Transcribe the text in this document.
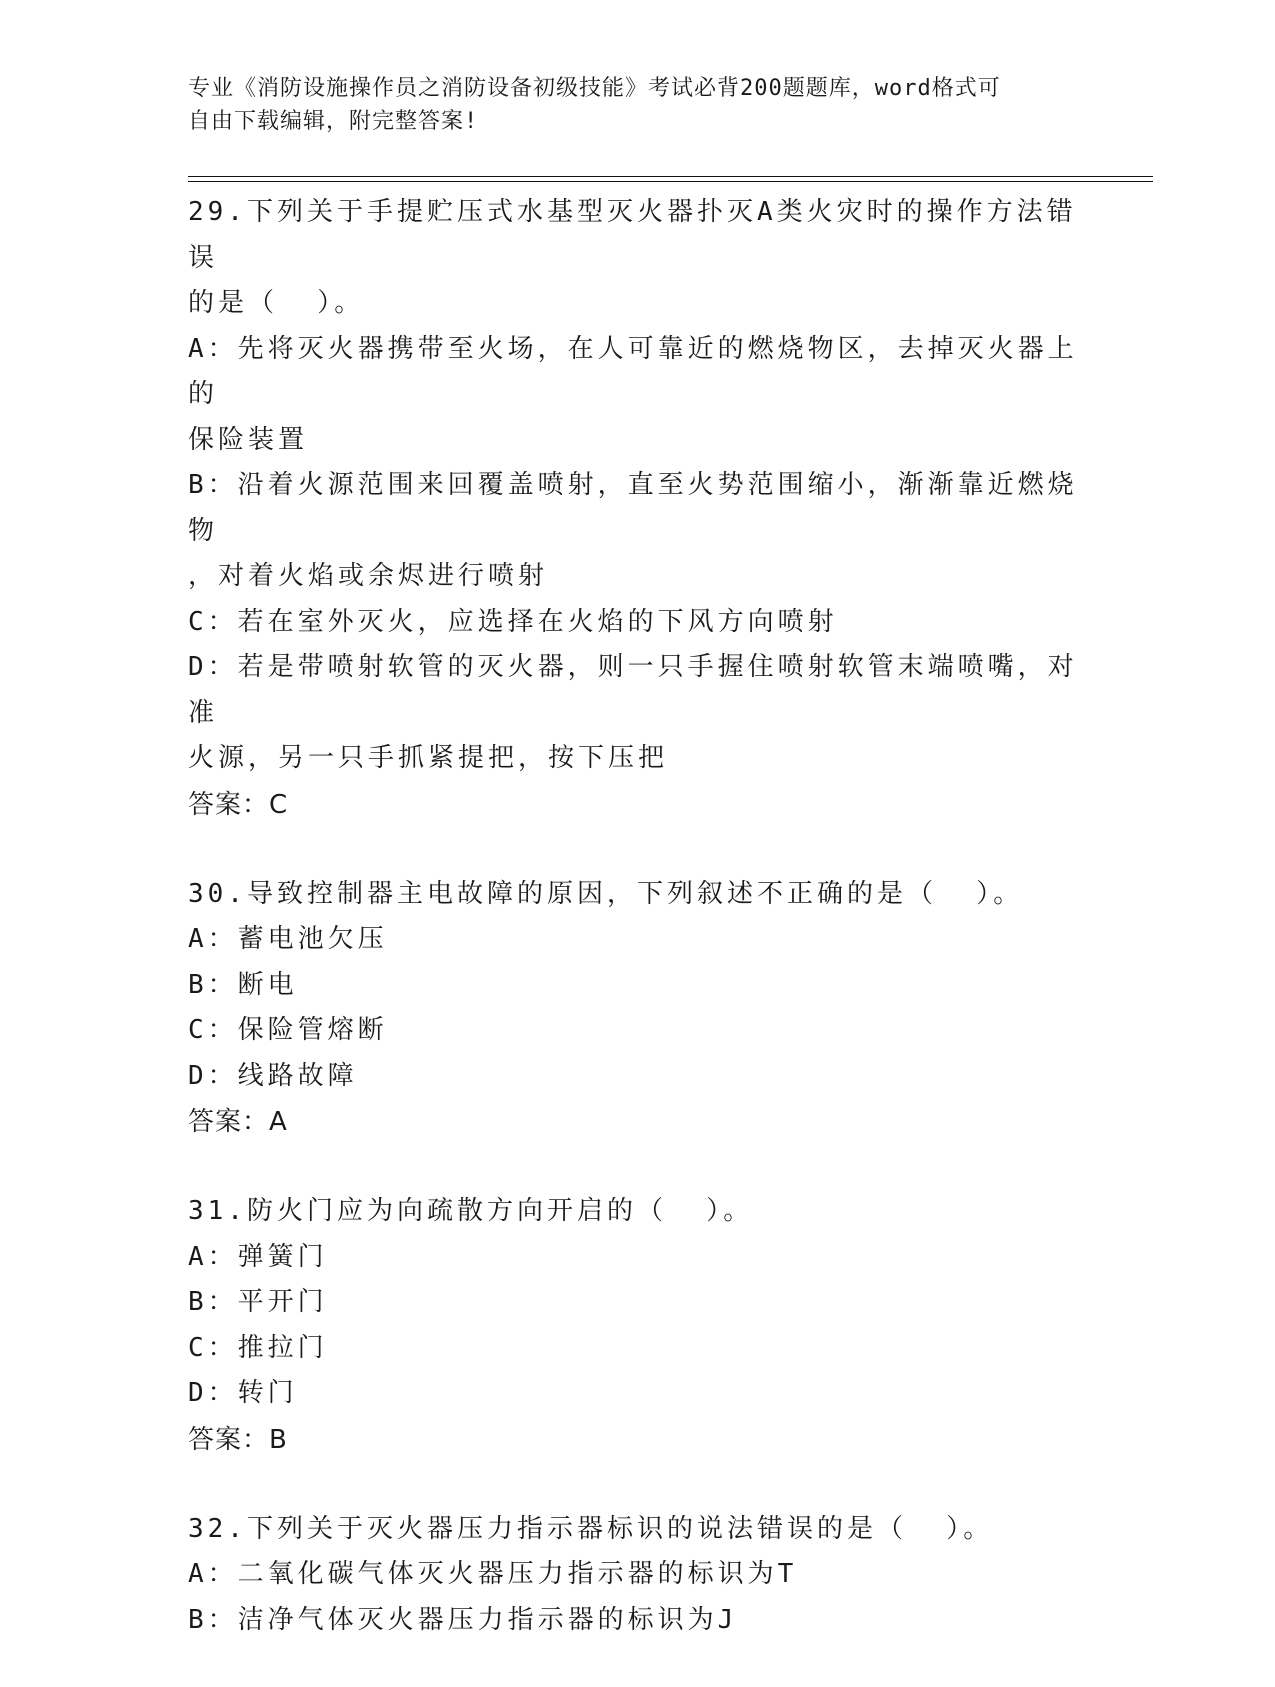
专业《消防设施操作员之消防设备初级技能》考试必背200题题库，word格式可
自由下载编辑，附完整答案!
29.下列关于手提贮压式水基型灭火器扑灭A类火灾时的操作方法错误
的是（  ）。
A：先将灭火器携带至火场，在人可靠近的燃烧物区，去掉灭火器上的
保险装置
B：沿着火源范围来回覆盖喷射，直至火势范围缩小，渐渐靠近燃烧物
，对着火焰或余烬进行喷射
C：若在室外灭火，应选择在火焰的下风方向喷射
D：若是带喷射软管的灭火器，则一只手握住喷射软管末端喷嘴，对准
火源，另一只手抓紧提把，按下压把
答案：C
30.导致控制器主电故障的原因，下列叙述不正确的是（  ）。
A：蓄电池欠压
B：断电
C：保险管熔断
D：线路故障
答案：A
31.防火门应为向疏散方向开启的（  ）。
A：弹簧门
B：平开门
C：推拉门
D：转门
答案：B
32.下列关于灭火器压力指示器标识的说法错误的是（  ）。
A：二氧化碳气体灭火器压力指示器的标识为T
B：洁净气体灭火器压力指示器的标识为J
